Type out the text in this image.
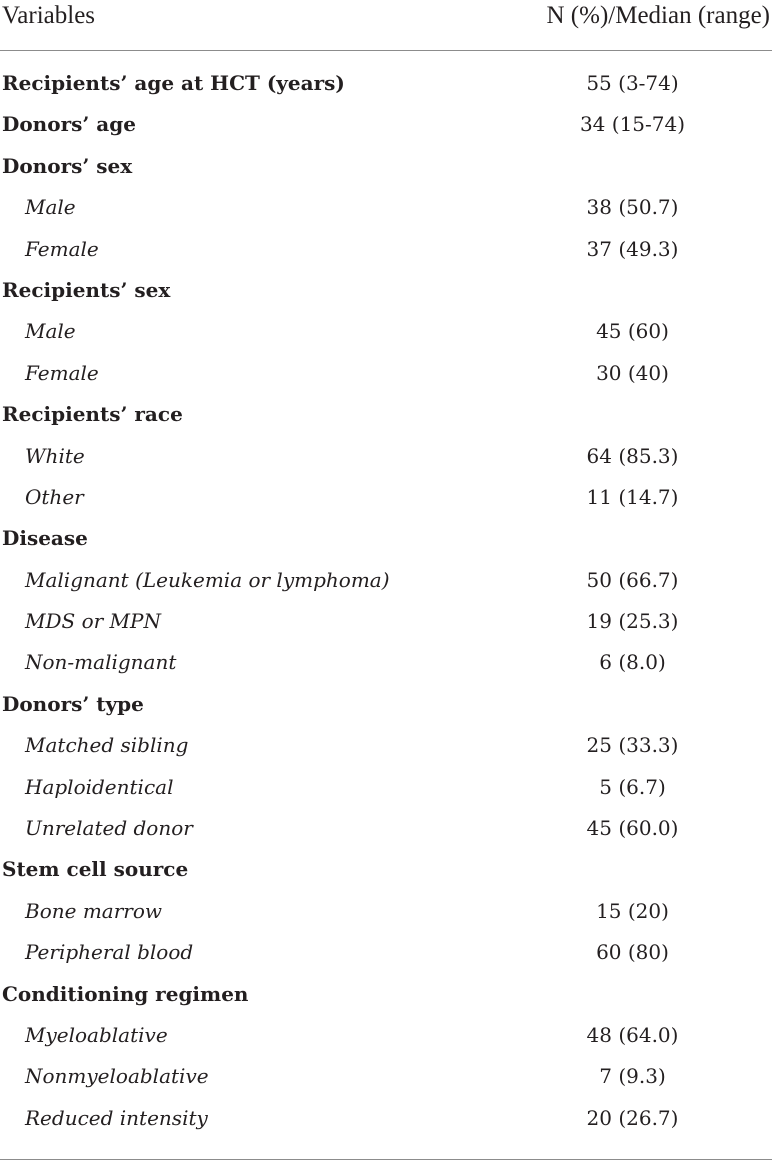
Variables	N (%)/Median (range)
Recipients’ age at HCT (years)	55 (3-74)
Donors’ age	34 (15-74)
Donors’ sex
Male	38 (50.7)
Female	37 (49.3)
Recipients’ sex
Male	45 (60)
Female	30 (40)
Recipients’ race
White	64 (85.3)
Other	11 (14.7)
Disease
Malignant (Leukemia or lymphoma)	50 (66.7)
MDS or MPN	19 (25.3)
Non-malignant	6 (8.0)
Donors’ type
Matched sibling	25 (33.3)
Haploidentical	5 (6.7)
Unrelated donor	45 (60.0)
Stem cell source
Bone marrow	15 (20)
Peripheral blood	60 (80)
Conditioning regimen
Myeloablative	48 (64.0)
Nonmyeloablative	7 (9.3)
Reduced intensity	20 (26.7)
